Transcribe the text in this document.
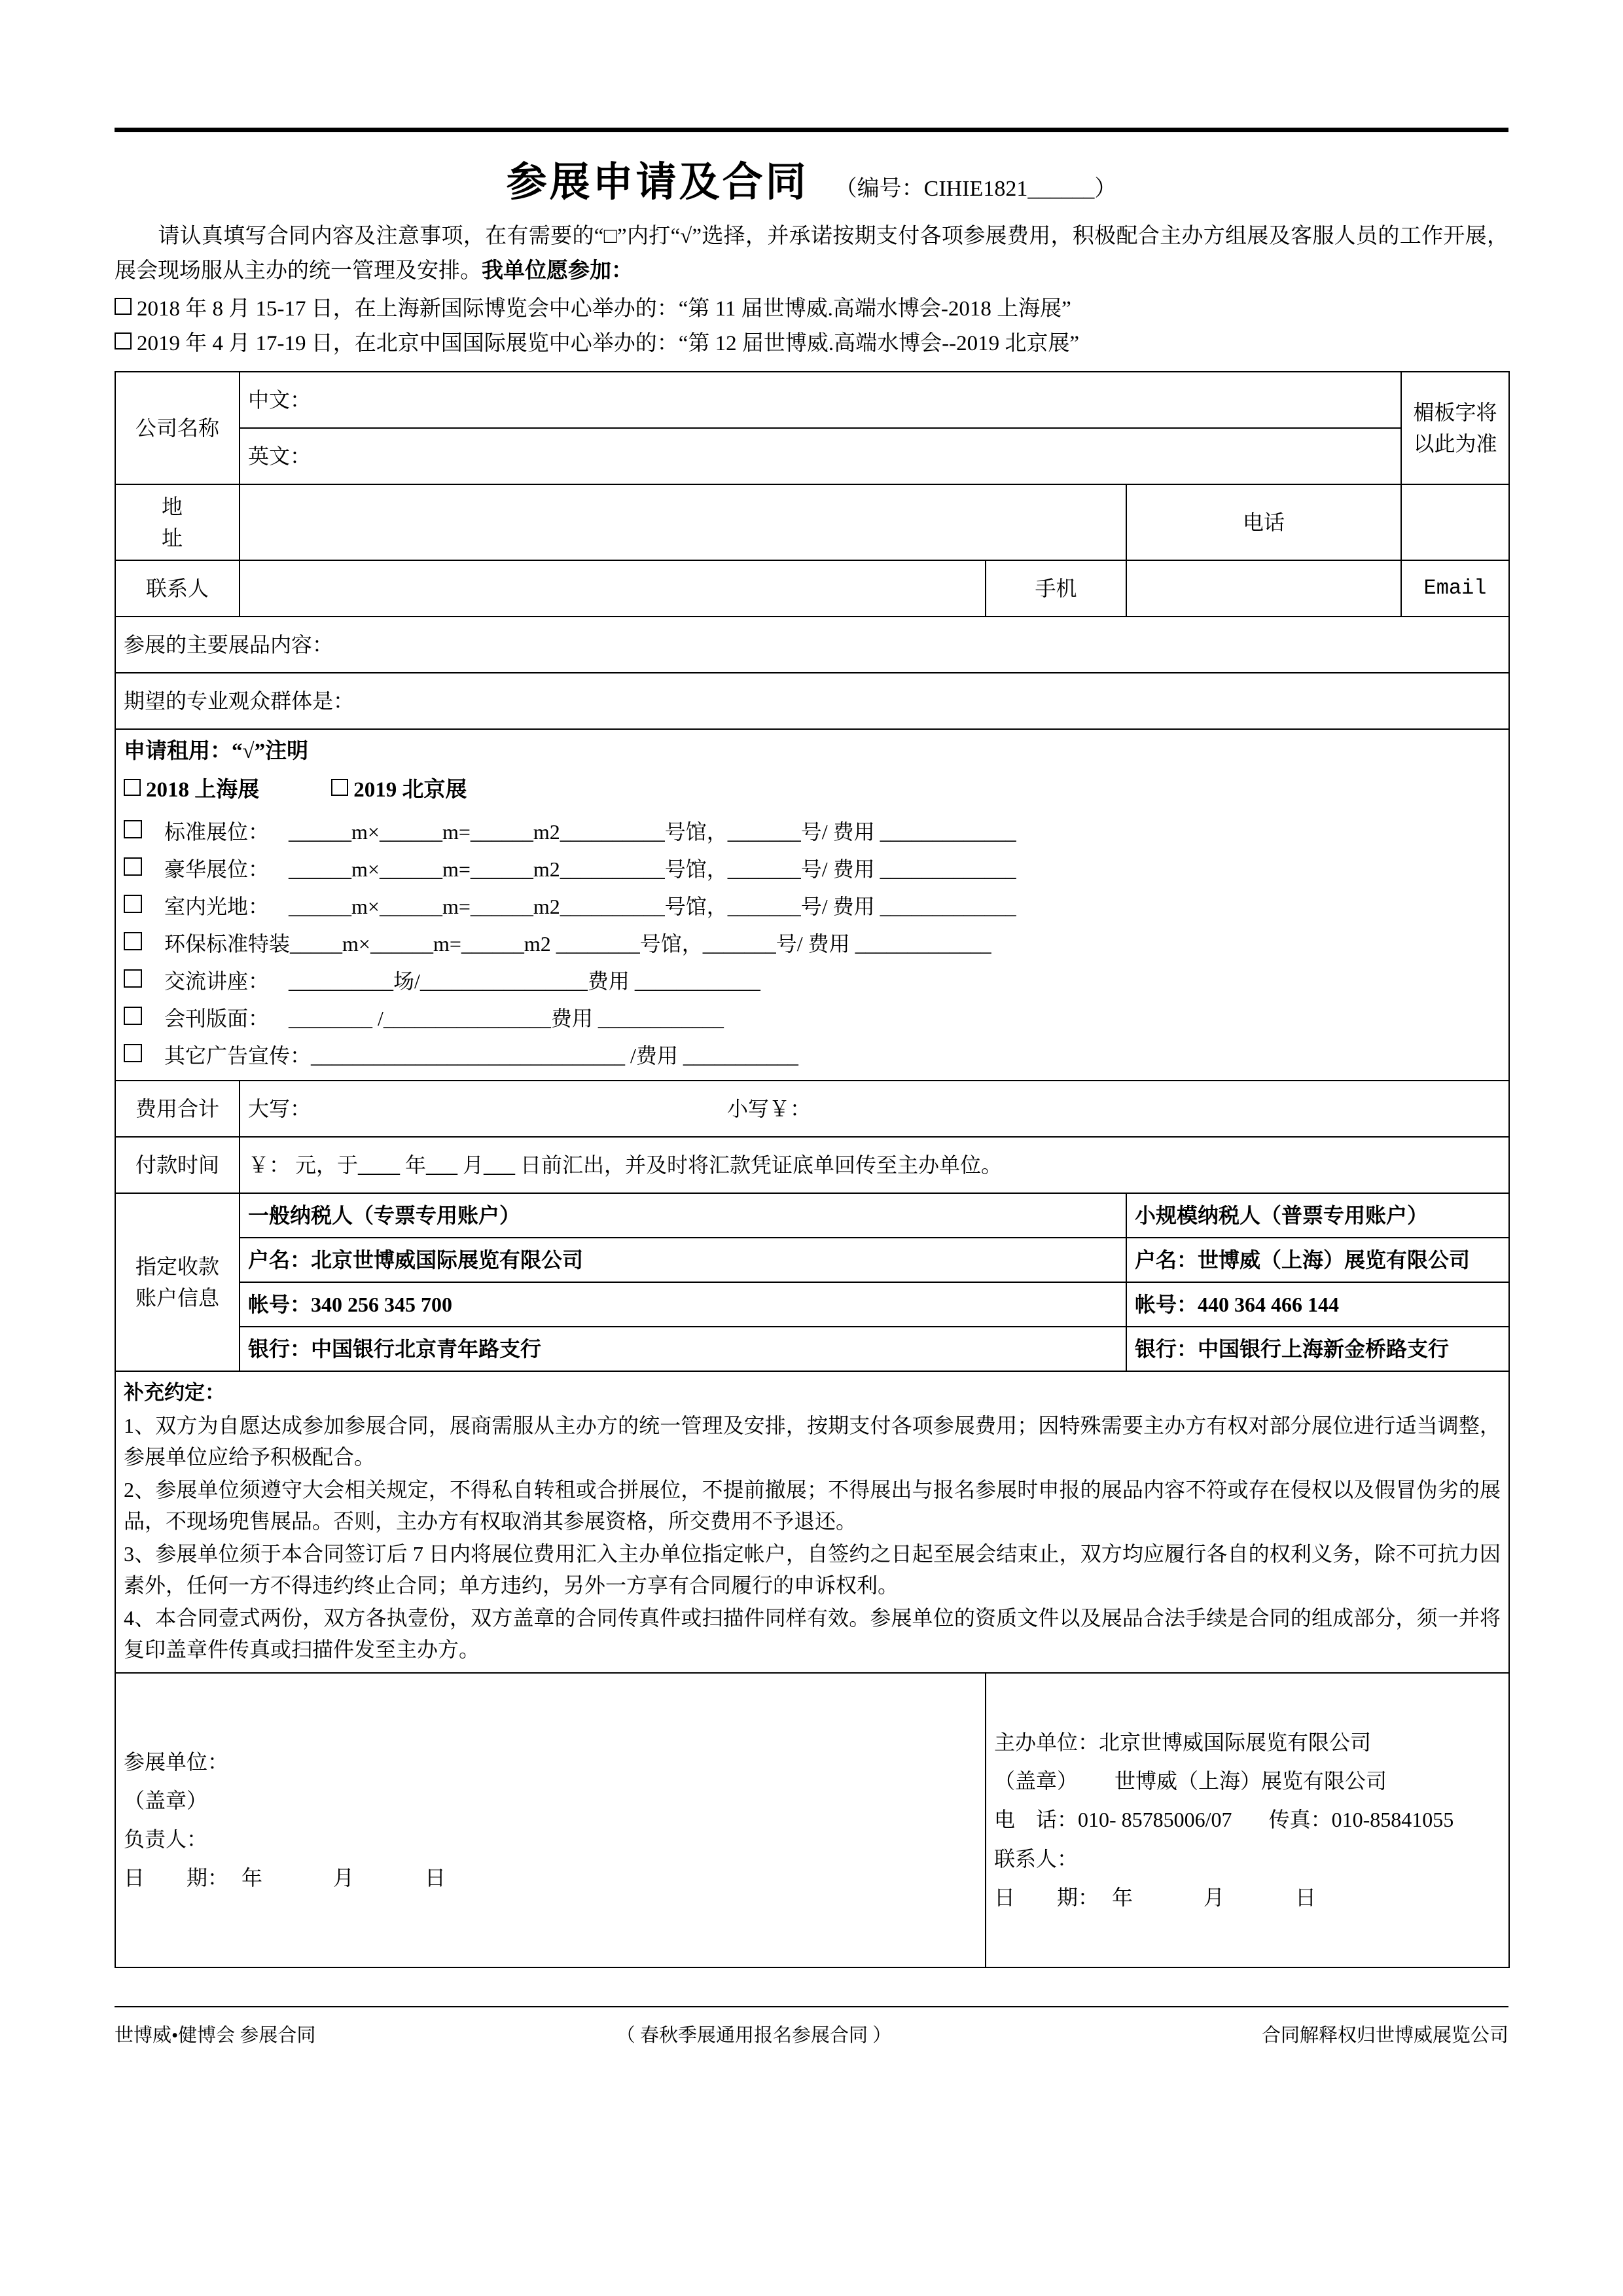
参展申请及合同 （编号：CIHIE1821______）
请认真填写合同内容及注意事项，在有需要的“□”内打“√”选择，并承诺按期支付各项参展费用，积极配合主办方组展及客服人员的工作开展，展会现场服从主办的统一管理及安排。我单位愿参加：
2018 年 8 月 15-17 日，在上海新国际博览会中心举办的：“第 11 届世博威.高端水博会-2018 上海展”
2019 年 4 月 17-19 日，在北京中国国际展览中心举办的：“第 12 届世博威.高端水博会--2019 北京展”
公司名称	中文：			楣板字将
以此为准

	英文：			
地　　址			电话	
联系人		手机		Email
参展的主要展品内容：				
期望的专业观众群体是：				

申请租用：“√”注明
2018 上海展	2019 北京展
标准展位： ______m×______m=______m2__________号馆，_______号/ 费用 _____________
豪华展位： ______m×______m=______m2__________号馆，_______号/ 费用 _____________
室内光地： ______m×______m=______m2__________号馆，_______号/ 费用 _____________
环保标准特装_____m×______m=______m2 ________号馆，_______号/ 费用 _____________
交流讲座： __________场/________________费用 ____________
会刊版面： ________ /________________费用 ____________
其它广告宣传：______________________________ /费用 ___________

费用合计	大写： 小写￥：			
付款时间	￥： 元，于____ 年___ 月___ 日前汇出，并及时将汇款凭证底单回传至主办单位。			

指定收款
账户信息	一般纳税人（专票专用账户）		小规模纳税人（普票专用账户）	
	户名：北京世博威国际展览有限公司		户名：世博威（上海）展览有限公司	
	帐号：340 256 345 700		帐号：440 364 466 144	
	银行：中国银行北京青年路支行		银行：中国银行上海新金桥路支行	

补充约定：

1、双方为自愿达成参加参展合同，展商需服从主办方的统一管理及安排，按期支付各项参展费用；因特殊需要主办方有权对部分展位进行适当调整，参展单位应给予积极配合。

2、参展单位须遵守大会相关规定，不得私自转租或合拼展位，不提前撤展；不得展出与报名参展时申报的展品内容不符或存在侵权以及假冒伪劣的展品，不现场兜售展品。否则，主办方有权取消其参展资格，所交费用不予退还。

3、参展单位须于本合同签订后 7 日内将展位费用汇入主办单位指定帐户，自签约之日起至展会结束止，双方均应履行各自的权利义务，除不可抗力因素外，任何一方不得违约终止合同；单方违约，另外一方享有合同履行的申诉权利。

4、本合同壹式两份，双方各执壹份，双方盖章的合同传真件或扫描件同样有效。参展单位的资质文件以及展品合法手续是合同的组成部分，须一并将复印盖章件传真或扫描件发至主办方。				

参展单位：
（盖章）
负责人：
日　　期： 年	月	日

主办单位：北京世博威国际展览有限公司
（盖章） 世博威（上海）展览有限公司
电　话：010- 85785006/07 传真：010-85841055
联系人：
日　　期： 年	月	日
世博威•健博会 参展合同	（ 春秋季展通用报名参展合同 ）	合同解释权归世博威展览公司
